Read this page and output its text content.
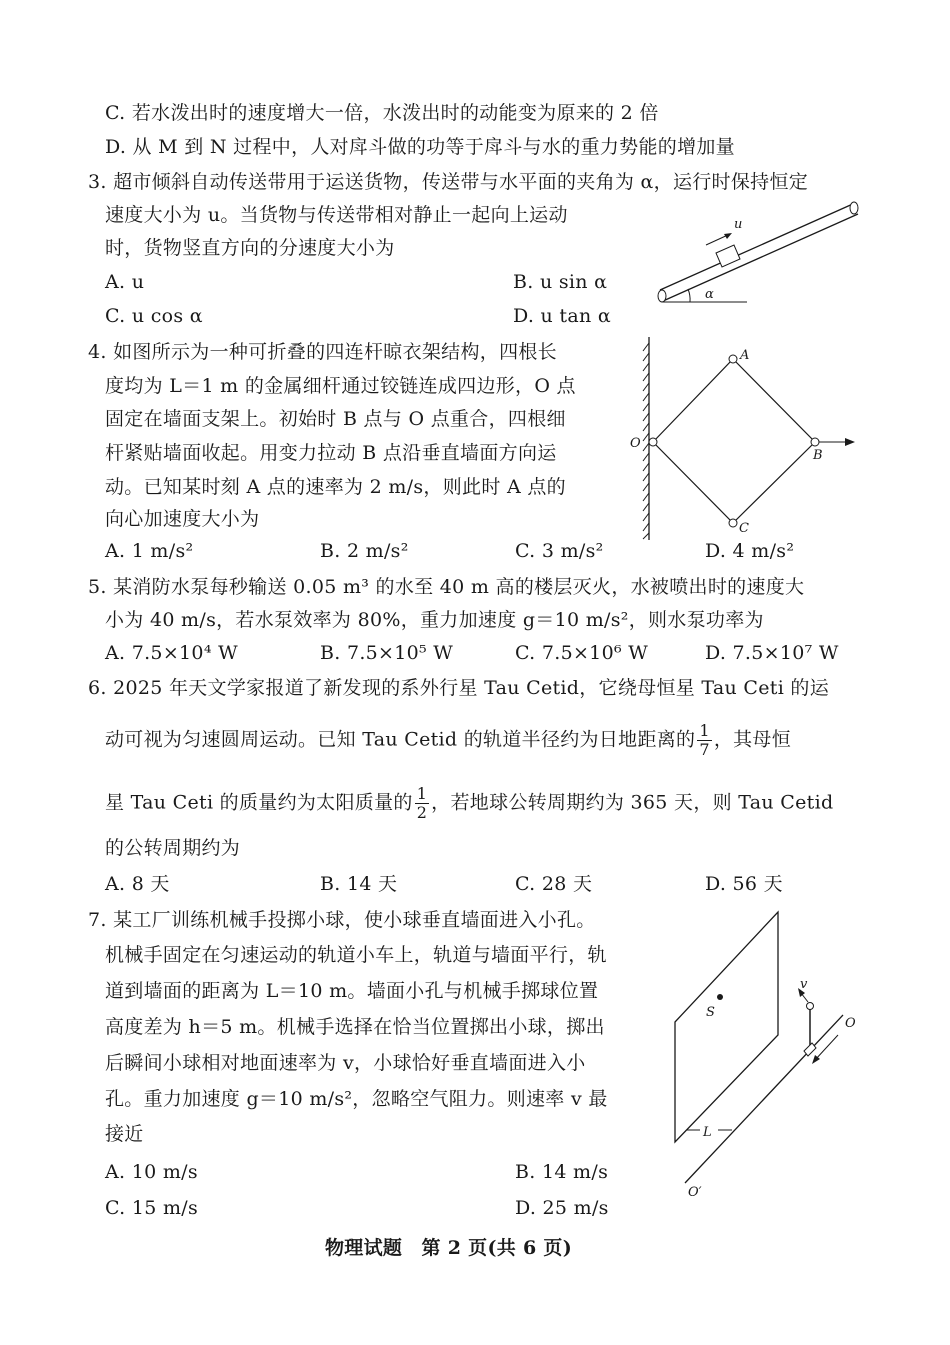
C. 若水泼出时的速度增大一倍，水泼出时的动能变为原来的 2 倍
D. 从 M 到 N 过程中，人对戽斗做的功等于戽斗与水的重力势能的增加量
3. 超市倾斜自动传送带用于运送货物，传送带与水平面的夹角为 α，运行时保持恒定
速度大小为 u。当货物与传送带相对静止一起向上运动
时，货物竖直方向的分速度大小为
A. u	B. u sin α
C. u cos α	D. u tan α
u
α
4. 如图所示为一种可折叠的四连杆晾衣架结构，四根长
度均为 L＝1 m 的金属细杆通过铰链连成四边形，O 点
固定在墙面支架上。初始时 B 点与 O 点重合，四根细
杆紧贴墙面收起。用变力拉动 B 点沿垂直墙面方向运
动。已知某时刻 A 点的速率为 2 m/s，则此时 A 点的
向心加速度大小为
A. 1 m/s²	B. 2 m/s²	C. 3 m/s²	D. 4 m/s²
A
B
C
O
5. 某消防水泵每秒输送 0.05 m³ 的水至 40 m 高的楼层灭火，水被喷出时的速度大
小为 40 m/s，若水泵效率为 80%，重力加速度 g＝10 m/s²，则水泵功率为
A. 7.5×10⁴ W	B. 7.5×10⁵ W	C. 7.5×10⁶ W	D. 7.5×10⁷ W
6. 2025 年天文学家报道了新发现的系外行星 Tau Cetid，它绕母恒星 Tau Ceti 的运
动可视为匀速圆周运动。已知 Tau Cetid 的轨道半径约为日地距离的 $\frac{1}{7}$ ，其母恒
星 Tau Ceti 的质量约为太阳质量的 $\frac{1}{2}$ ，若地球公转周期约为 365 天，则 Tau Cetid
的公转周期约为
A. 8 天	B. 14 天	C. 28 天	D. 56 天
7. 某工厂训练机械手投掷小球，使小球垂直墙面进入小孔。
机械手固定在匀速运动的轨道小车上，轨道与墙面平行，轨
道到墙面的距离为 L＝10 m。墙面小孔与机械手掷球位置
高度差为 h＝5 m。机械手选择在恰当位置掷出小球，掷出
后瞬间小球相对地面速率为 v，小球恰好垂直墙面进入小
孔。重力加速度 g＝10 m/s²，忽略空气阻力。则速率 v 最
接近
A. 10 m/s	B. 14 m/s
C. 15 m/s	D. 25 m/s
S
L
O′
O
v
物理试题　第 2 页(共 6 页)
